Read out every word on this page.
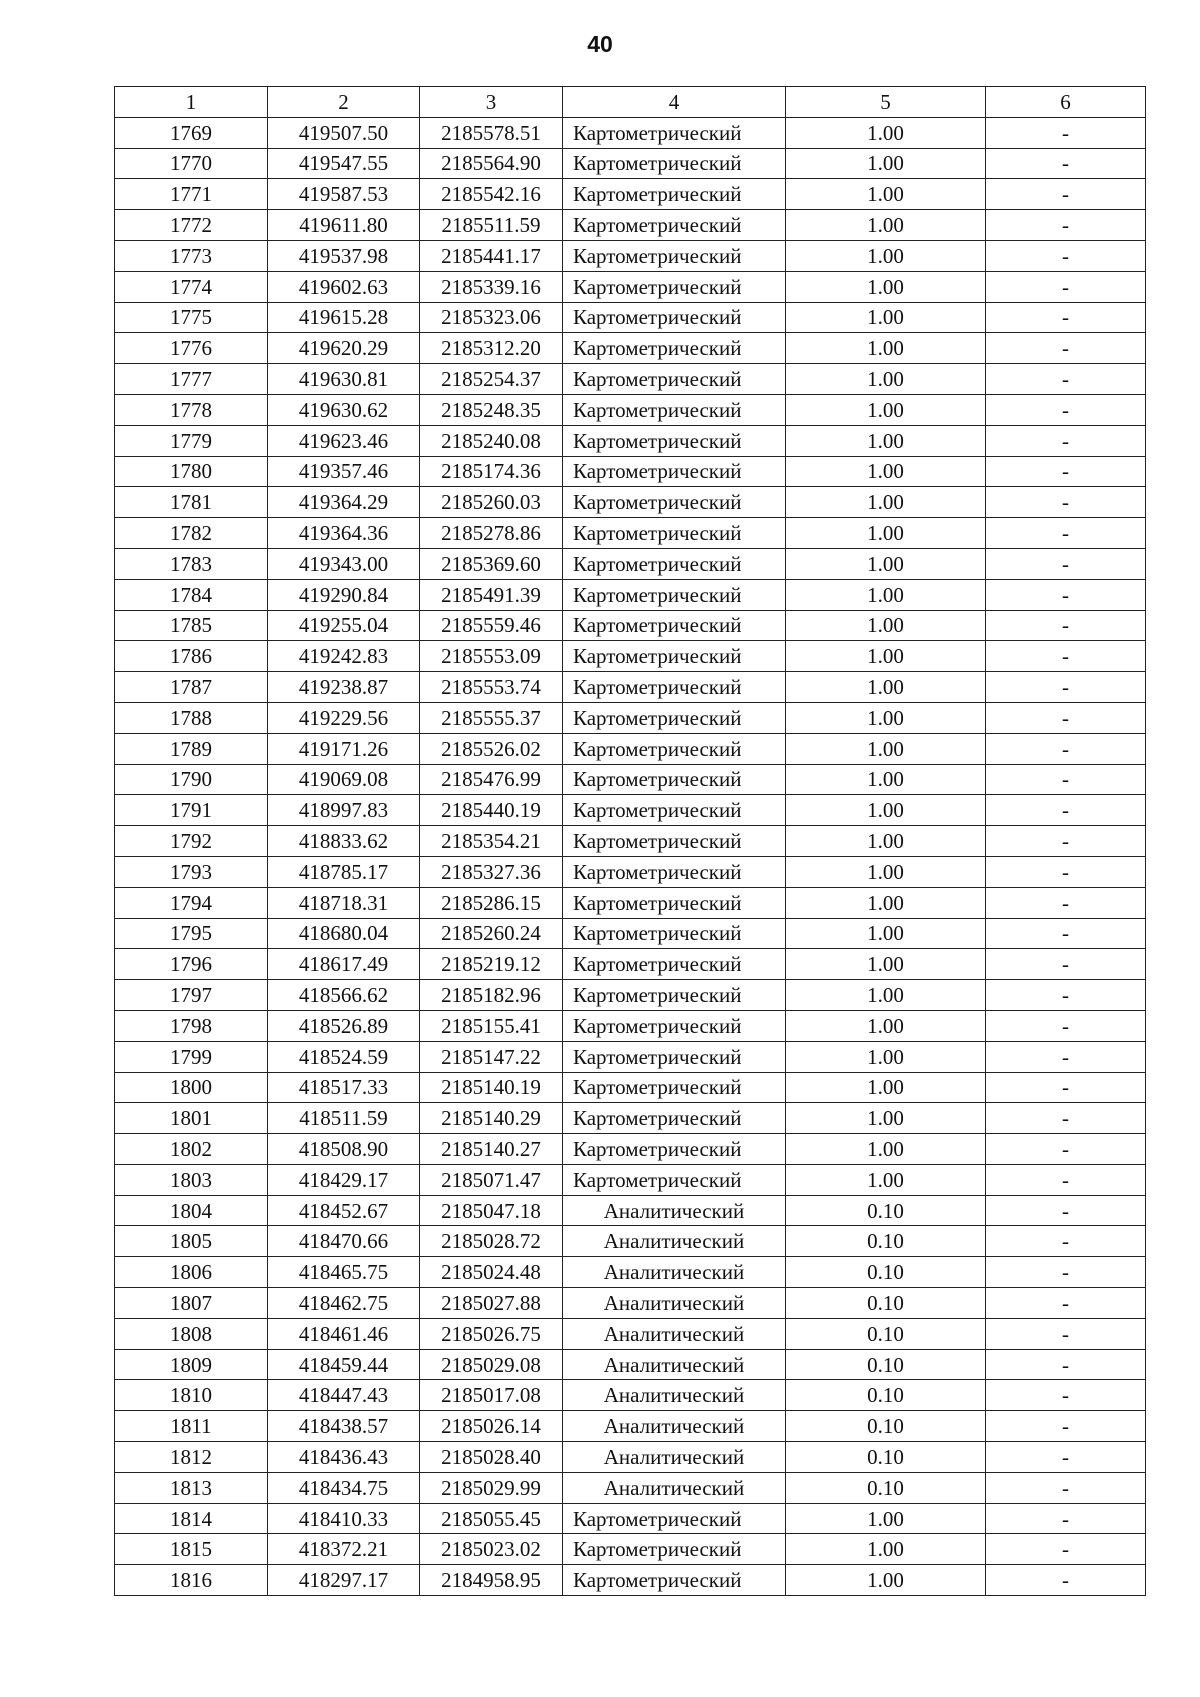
40
1	2	3	4	5	6
1769	419507.50	2185578.51	Картометрический	1.00	-
1770	419547.55	2185564.90	Картометрический	1.00	-
1771	419587.53	2185542.16	Картометрический	1.00	-
1772	419611.80	2185511.59	Картометрический	1.00	-
1773	419537.98	2185441.17	Картометрический	1.00	-
1774	419602.63	2185339.16	Картометрический	1.00	-
1775	419615.28	2185323.06	Картометрический	1.00	-
1776	419620.29	2185312.20	Картометрический	1.00	-
1777	419630.81	2185254.37	Картометрический	1.00	-
1778	419630.62	2185248.35	Картометрический	1.00	-
1779	419623.46	2185240.08	Картометрический	1.00	-
1780	419357.46	2185174.36	Картометрический	1.00	-
1781	419364.29	2185260.03	Картометрический	1.00	-
1782	419364.36	2185278.86	Картометрический	1.00	-
1783	419343.00	2185369.60	Картометрический	1.00	-
1784	419290.84	2185491.39	Картометрический	1.00	-
1785	419255.04	2185559.46	Картометрический	1.00	-
1786	419242.83	2185553.09	Картометрический	1.00	-
1787	419238.87	2185553.74	Картометрический	1.00	-
1788	419229.56	2185555.37	Картометрический	1.00	-
1789	419171.26	2185526.02	Картометрический	1.00	-
1790	419069.08	2185476.99	Картометрический	1.00	-
1791	418997.83	2185440.19	Картометрический	1.00	-
1792	418833.62	2185354.21	Картометрический	1.00	-
1793	418785.17	2185327.36	Картометрический	1.00	-
1794	418718.31	2185286.15	Картометрический	1.00	-
1795	418680.04	2185260.24	Картометрический	1.00	-
1796	418617.49	2185219.12	Картометрический	1.00	-
1797	418566.62	2185182.96	Картометрический	1.00	-
1798	418526.89	2185155.41	Картометрический	1.00	-
1799	418524.59	2185147.22	Картометрический	1.00	-
1800	418517.33	2185140.19	Картометрический	1.00	-
1801	418511.59	2185140.29	Картометрический	1.00	-
1802	418508.90	2185140.27	Картометрический	1.00	-
1803	418429.17	2185071.47	Картометрический	1.00	-
1804	418452.67	2185047.18	Аналитический	0.10	-
1805	418470.66	2185028.72	Аналитический	0.10	-
1806	418465.75	2185024.48	Аналитический	0.10	-
1807	418462.75	2185027.88	Аналитический	0.10	-
1808	418461.46	2185026.75	Аналитический	0.10	-
1809	418459.44	2185029.08	Аналитический	0.10	-
1810	418447.43	2185017.08	Аналитический	0.10	-
1811	418438.57	2185026.14	Аналитический	0.10	-
1812	418436.43	2185028.40	Аналитический	0.10	-
1813	418434.75	2185029.99	Аналитический	0.10	-
1814	418410.33	2185055.45	Картометрический	1.00	-
1815	418372.21	2185023.02	Картометрический	1.00	-
1816	418297.17	2184958.95	Картометрический	1.00	-
